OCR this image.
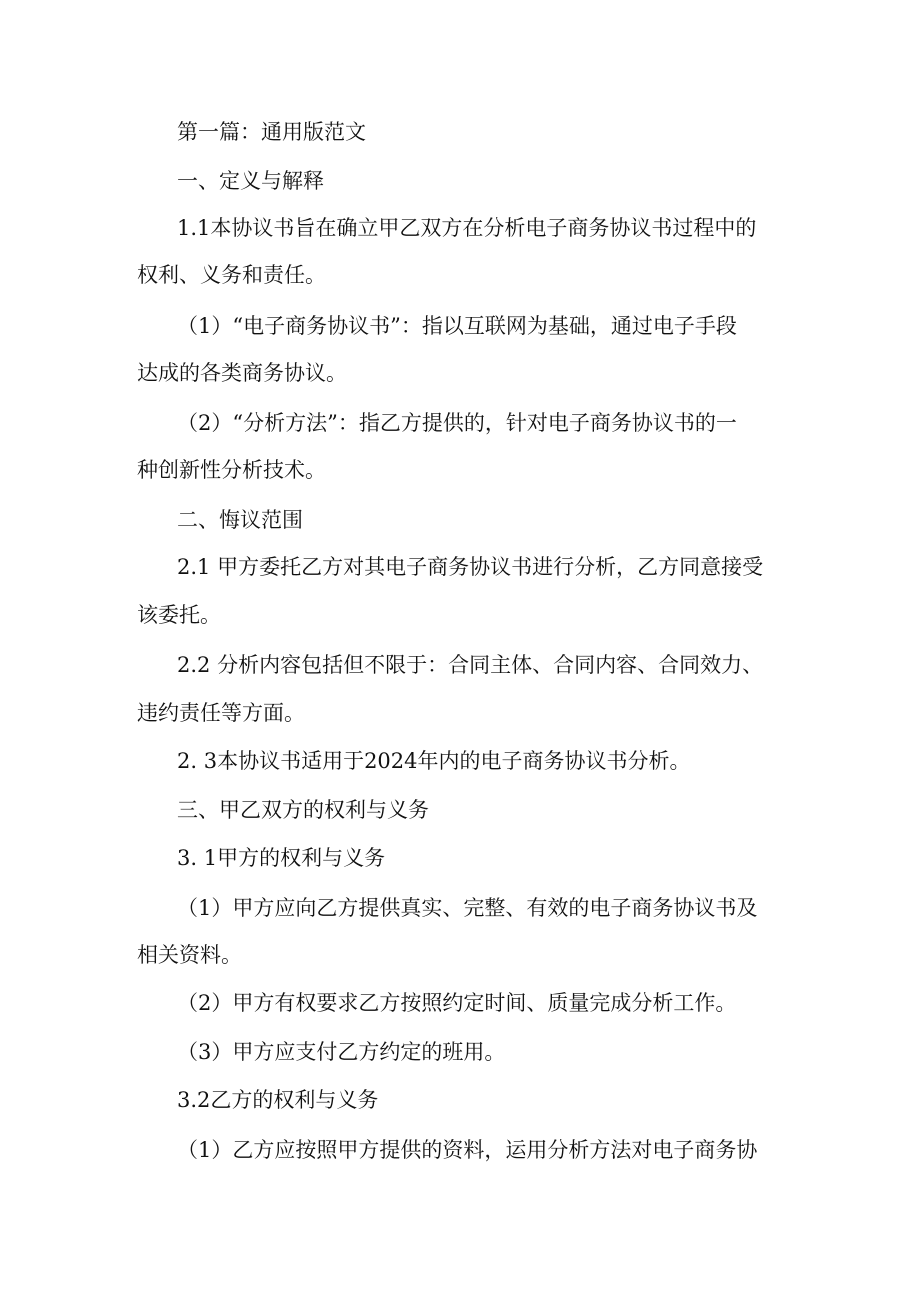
第一篇：通用版范文
一、定义与解释
1.1本协议书旨在确立甲乙双方在分析电子商务协议书过程中的
权利、义务和责任。
（1）“电子商务协议书”：指以互联网为基础，通过电子手段
达成的各类商务协议。
（2）“分析方法”：指乙方提供的，针对电子商务协议书的一
种创新性分析技术。
二、悔议范围
2.1 甲方委托乙方对其电子商务协议书进行分析，乙方同意接受
该委托。
2.2 分析内容包括但不限于：合同主体、合同内容、合同效力、
违约责任等方面。
2. 3本协议书适用于2024年内的电子商务协议书分析。
三、甲乙双方的权利与义务
3. 1甲方的权利与义务
（1）甲方应向乙方提供真实、完整、有效的电子商务协议书及
相关资料。
（2）甲方有权要求乙方按照约定时间、质量完成分析工作。
（3）甲方应支付乙方约定的班用。
3.2乙方的权利与义务
（1）乙方应按照甲方提供的资料，运用分析方法对电子商务协
